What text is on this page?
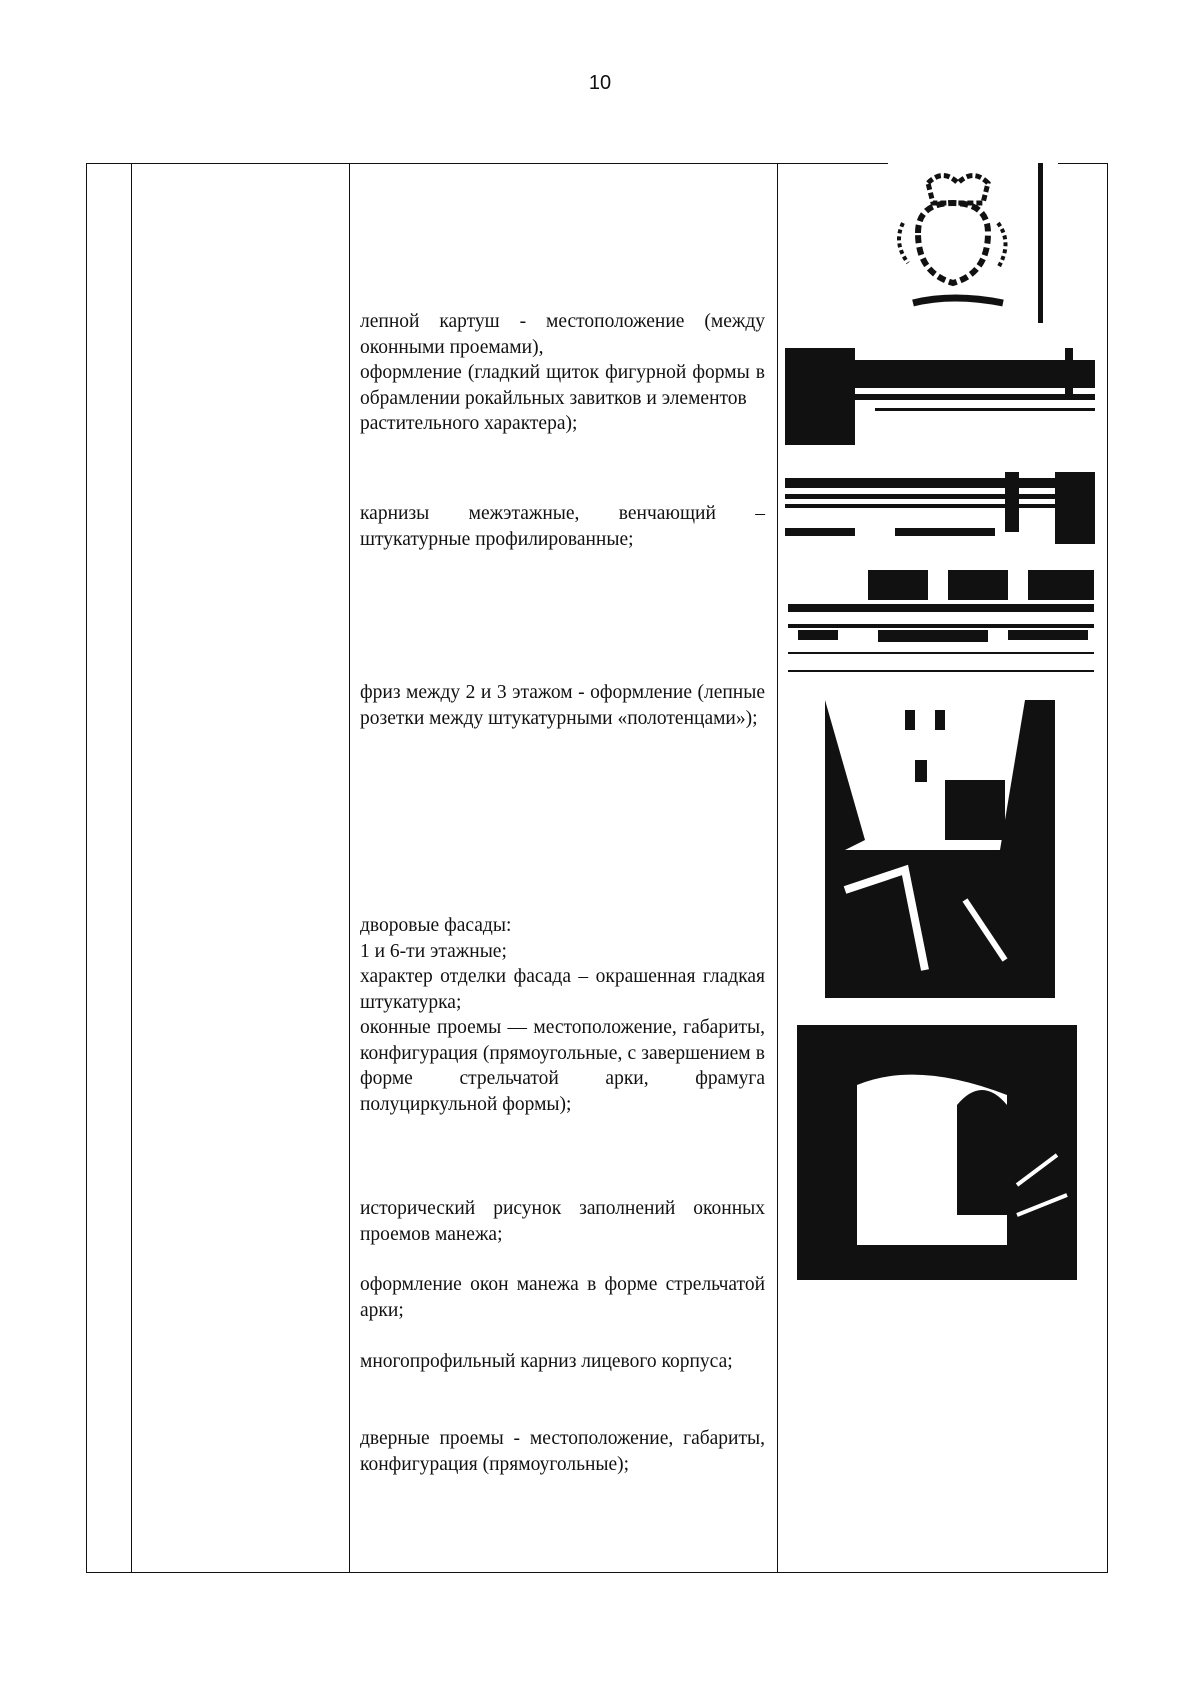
10

лепной картуш - местоположение (между оконными проемами),

оформление (гладкий щиток фигурной формы в обрамлении рокайльных завитков и элементов

растительного характера);

карнизы межэтажные, венчающий – штукатурные профилированные;

фриз между 2 и 3 этажом - оформление (лепные розетки между штукатурными «полотенцами»);

дворовые фасады:

1 и 6-ти этажные;

характер отделки фасада – окрашенная гладкая штукатурка;

оконные проемы — местоположение, габариты, конфигурация (прямоугольные, с завершением в форме стрельчатой арки, фрамуга полуциркульной формы);

исторический рисунок заполнений оконных проемов манежа;

оформление окон манежа в форме стрельчатой арки;

многопрофильный карниз лицевого корпуса;

дверные проемы - местоположение, габариты, конфигурация (прямоугольные);
